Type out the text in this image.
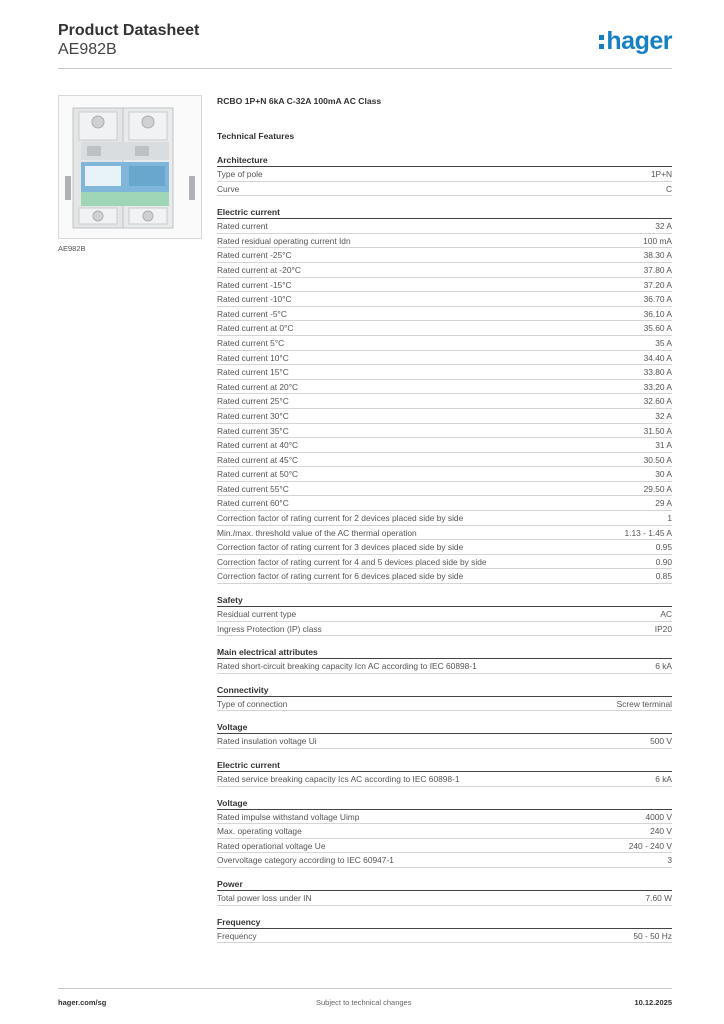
Product Datasheet
AE982B	hager
AE982B
RCBO 1P+N 6kA C-32A 100mA AC Class
Technical Features
Architecture
Type of pole	1P+N
Curve	C
Electric current
Rated current	32 A
Rated residual operating current Idn	100 mA
Rated current -25°C	38.30 A
Rated current at -20°C	37.80 A
Rated current -15°C	37.20 A
Rated current -10°C	36.70 A
Rated current -5°C	36.10 A
Rated current at 0°C	35.60 A
Rated current 5°C	35 A
Rated current 10°C	34.40 A
Rated current 15°C	33.80 A
Rated current at 20°C	33.20 A
Rated current 25°C	32.60 A
Rated current 30°C	32 A
Rated current 35°C	31.50 A
Rated current at 40°C	31 A
Rated current at 45°C	30.50 A
Rated current at 50°C	30 A
Rated current 55°C	29.50 A
Rated current 60°C	29 A
Correction factor of rating current for 2 devices placed side by side	1
Min./max. threshold value of the AC thermal operation	1.13 - 1.45 A
Correction factor of rating current for 3 devices placed side by side	0.95
Correction factor of rating current for 4 and 5 devices placed side by side	0.90
Correction factor of rating current for 6 devices placed side by side	0.85
Safety
Residual current type	AC
Ingress Protection (IP) class	IP20
Main electrical attributes
Rated short-circuit breaking capacity Icn AC according to IEC 60898-1	6 kA
Connectivity
Type of connection	Screw terminal
Voltage
Rated insulation voltage Ui	500 V
Electric current
Rated service breaking capacity Ics AC according to IEC 60898-1	6 kA
Voltage
Rated impulse withstand voltage Uimp	4000 V
Max. operating voltage	240 V
Rated operational voltage Ue	240 - 240 V
Overvoltage category according to IEC 60947-1	3
Power
Total power loss under IN	7.60 W
Frequency
Frequency	50 - 50 Hz
hager.com/sg	Subject to technical changes	10.12.2025
